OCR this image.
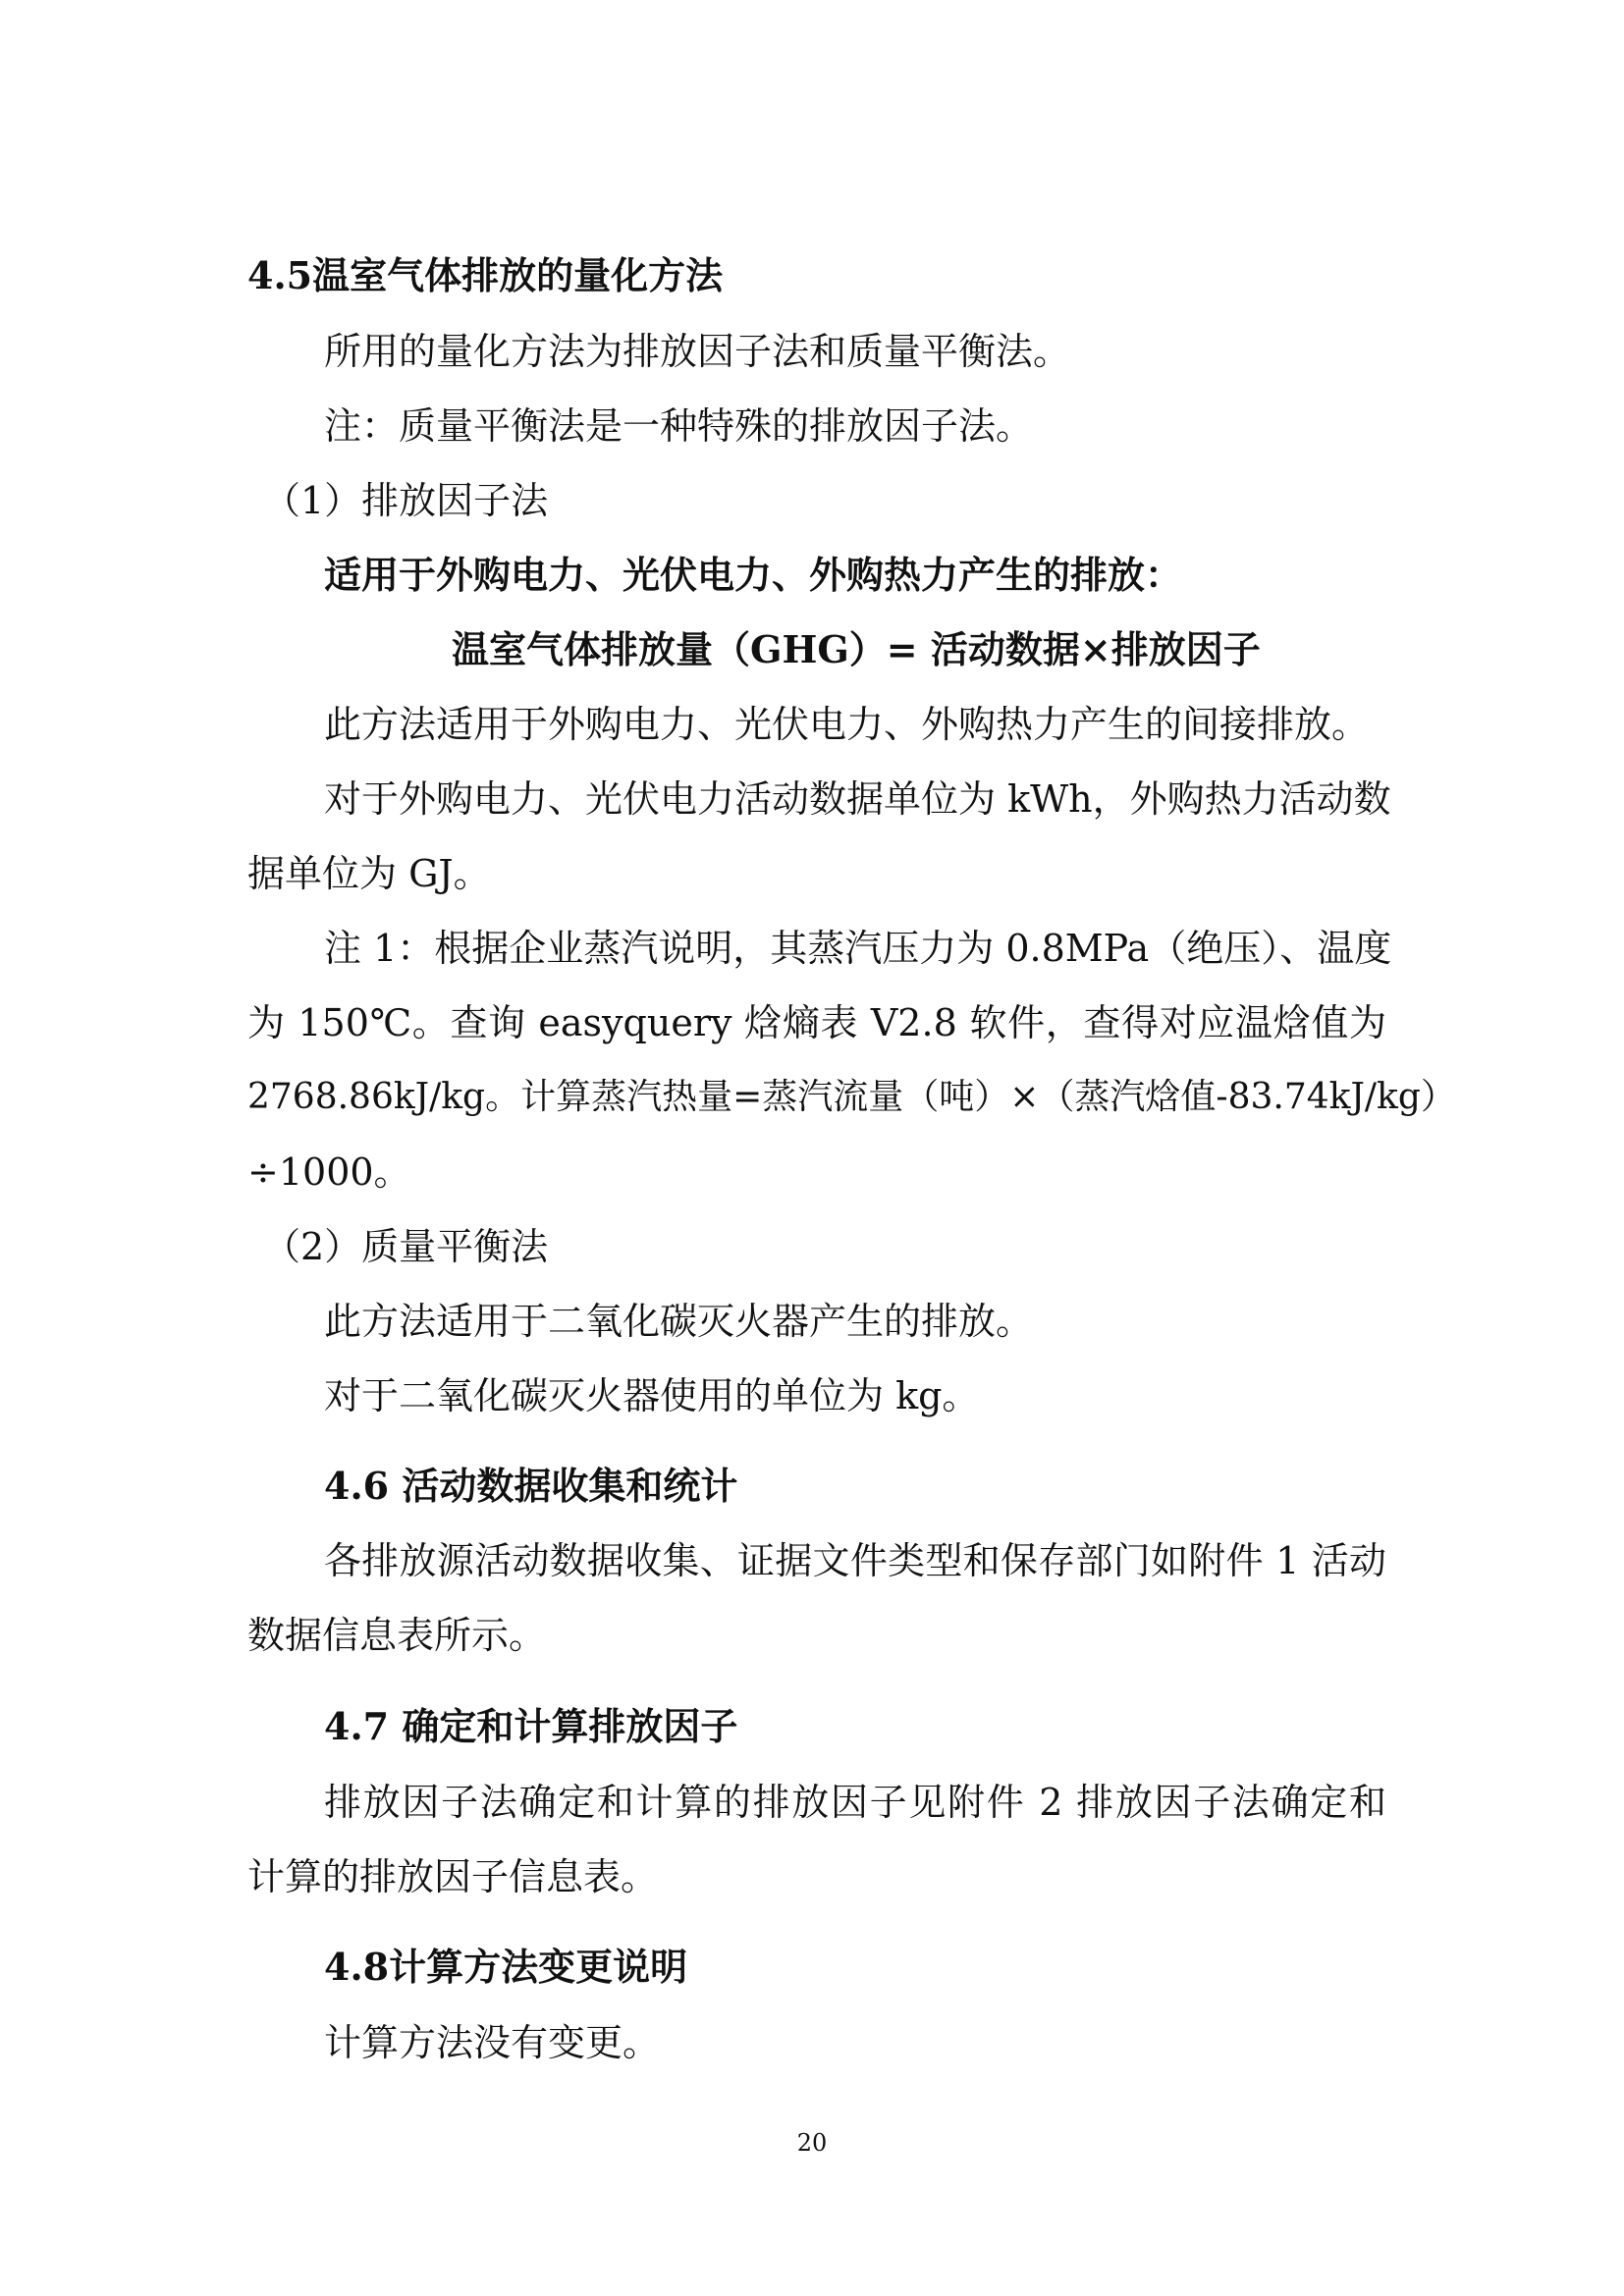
4.5温室气体排放的量化方法
所用的量化方法为排放因子法和质量平衡法。
注：质量平衡法是一种特殊的排放因子法。
（1）排放因子法
适用于外购电力、光伏电力、外购热力产生的排放：
温室气体排放量（GHG）= 活动数据×排放因子
此方法适用于外购电力、光伏电力、外购热力产生的间接排放。
对于外购电力、光伏电力活动数据单位为 kWh，外购热力活动数
据单位为 GJ。
注 1：根据企业蒸汽说明，其蒸汽压力为 0.8MPa（绝压）、温度
为 150℃。查询 easyquery 焓熵表 V2.8 软件，查得对应温焓值为
2768.86kJ/kg。计算蒸汽热量=蒸汽流量（吨）×（蒸汽焓值-83.74kJ/kg）
÷1000。
（2）质量平衡法
此方法适用于二氧化碳灭火器产生的排放。
对于二氧化碳灭火器使用的单位为 kg。
4.6 活动数据收集和统计
各排放源活动数据收集、证据文件类型和保存部门如附件 1 活动
数据信息表所示。
4.7 确定和计算排放因子
排放因子法确定和计算的排放因子见附件 2 排放因子法确定和
计算的排放因子信息表。
4.8计算方法变更说明
计算方法没有变更。
20
